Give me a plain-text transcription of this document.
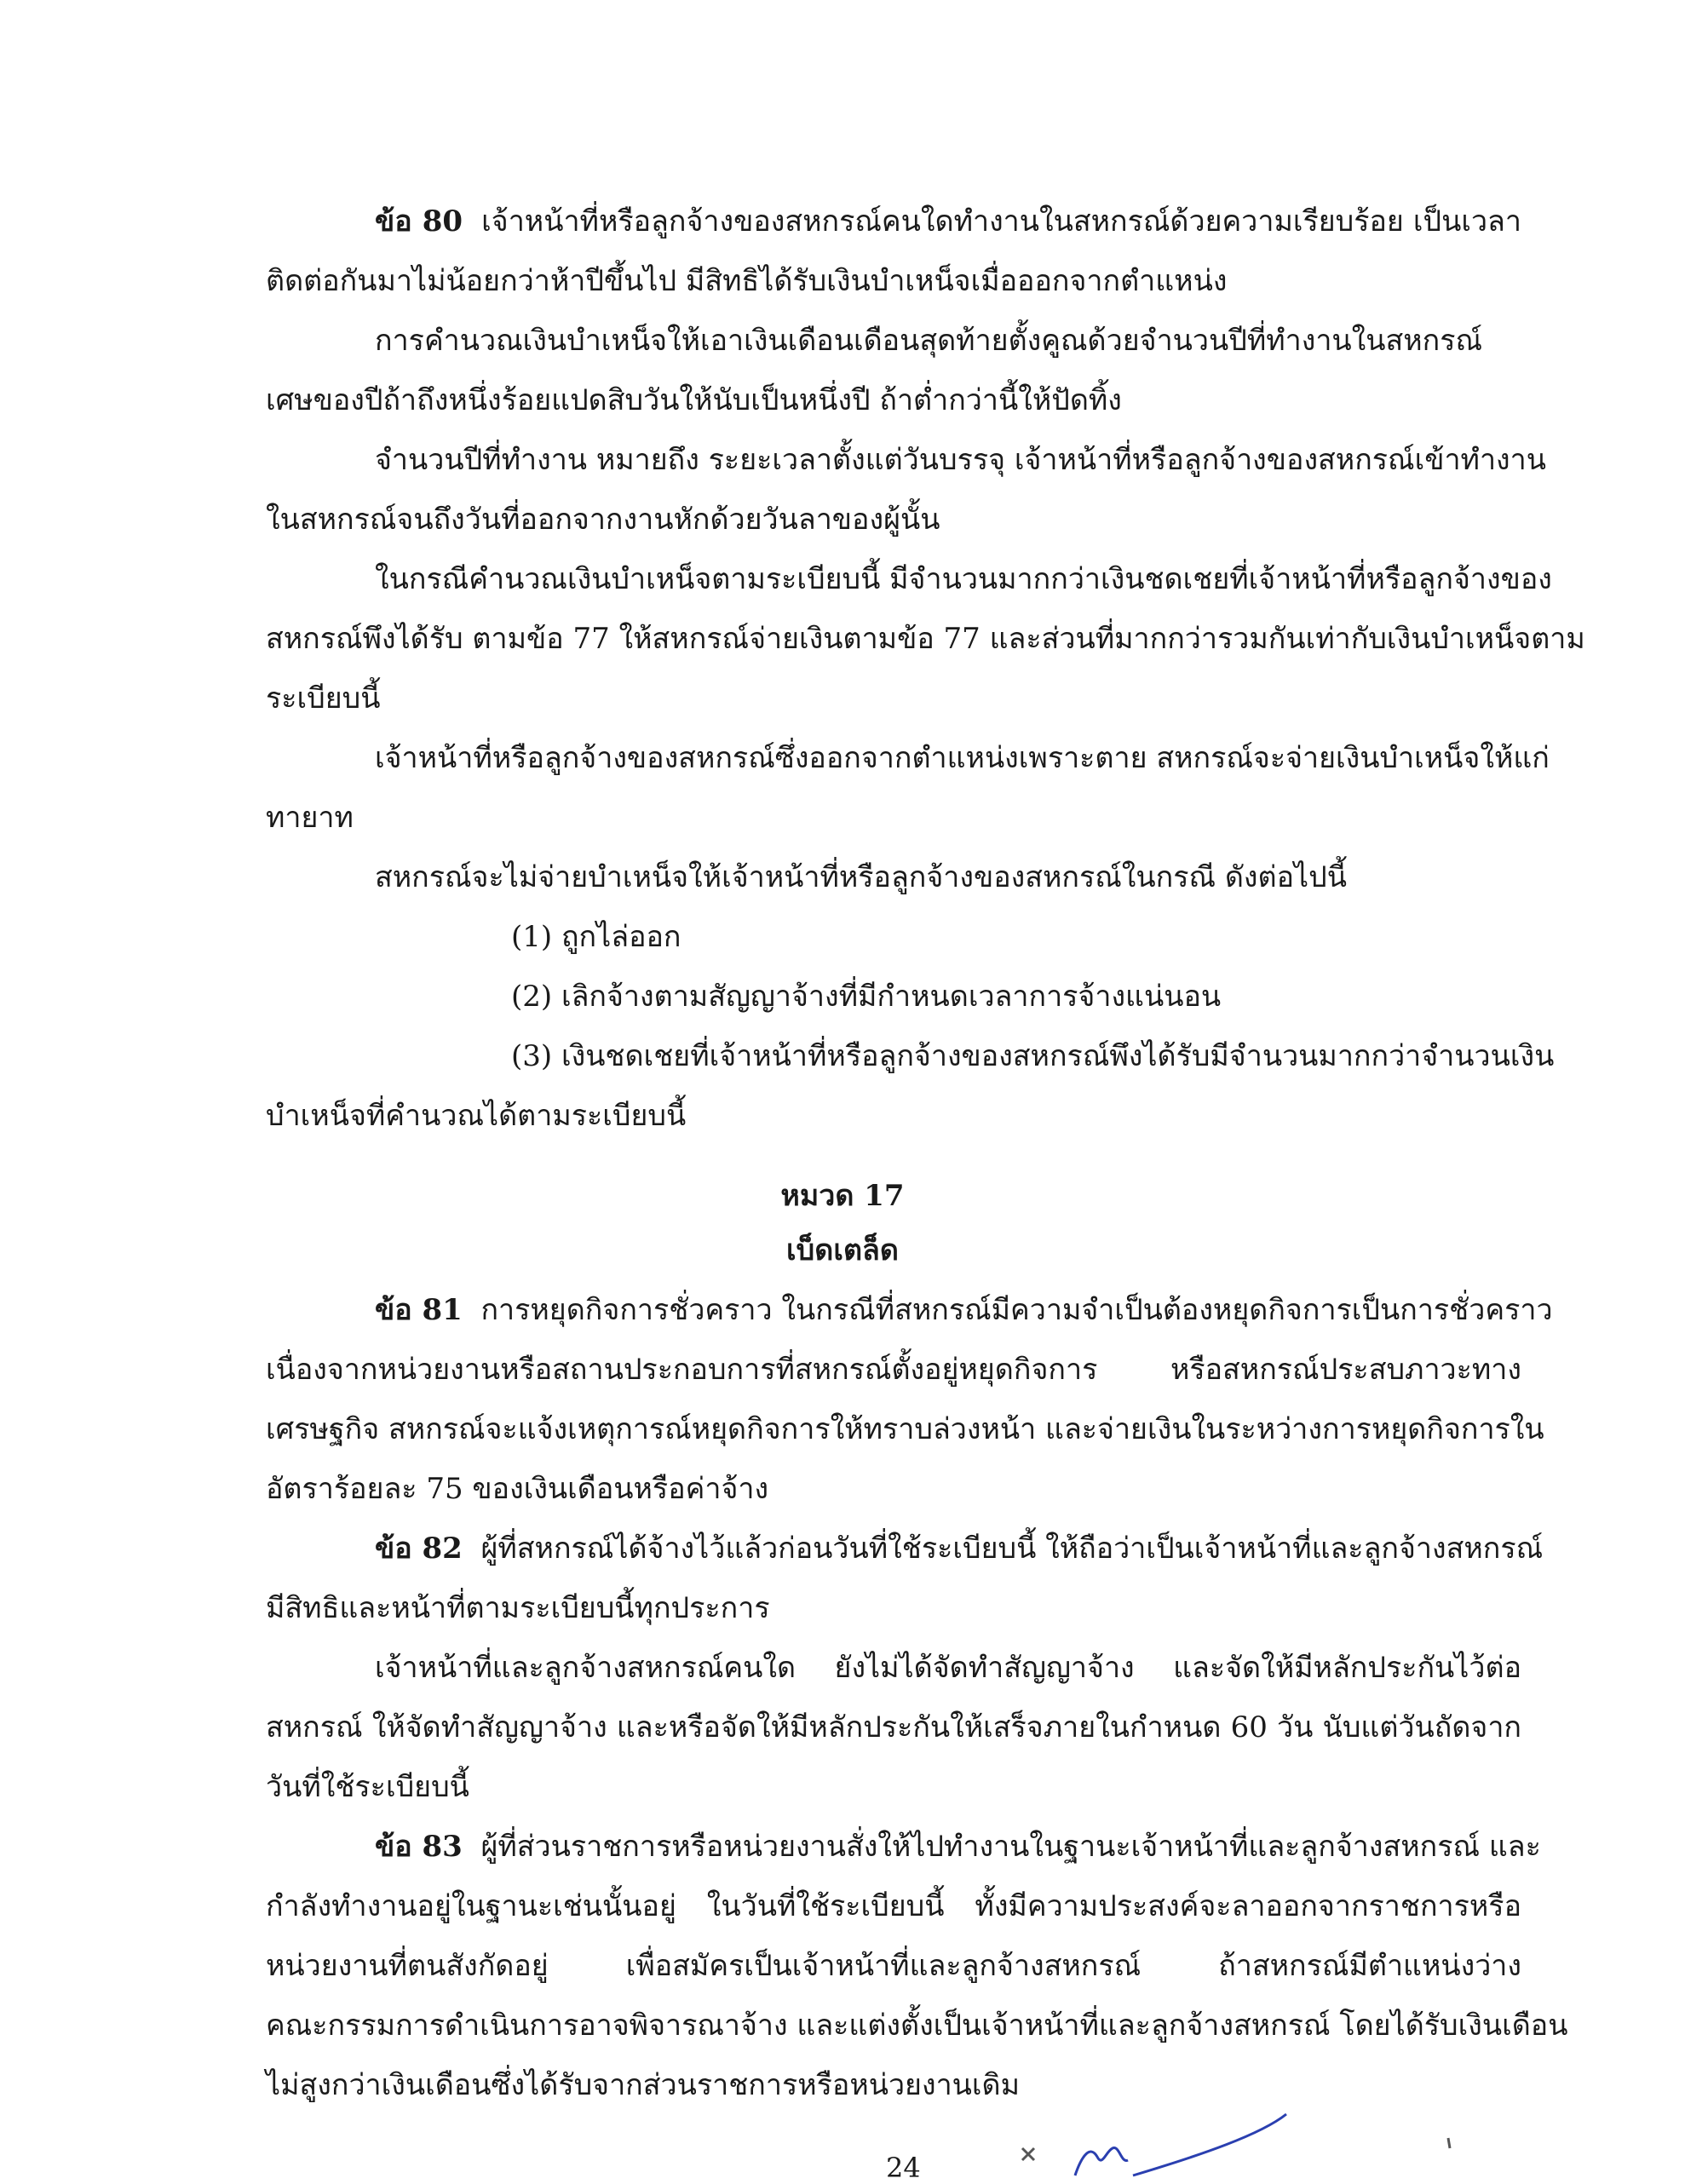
ข้อ 80 เจ้าหน้าที่หรือลูกจ้างของสหกรณ์คนใดทำงานในสหกรณ์ด้วยความเรียบร้อย เป็นเวลา
ติดต่อกันมาไม่น้อยกว่าห้าปีขึ้นไป มีสิทธิได้รับเงินบำเหน็จเมื่อออกจากตำแหน่ง
การคำนวณเงินบำเหน็จให้เอาเงินเดือนเดือนสุดท้ายตั้งคูณด้วยจำนวนปีที่ทำงานในสหกรณ์
เศษของปีถ้าถึงหนึ่งร้อยแปดสิบวันให้นับเป็นหนึ่งปี ถ้าต่ำกว่านี้ให้ปัดทิ้ง
จำนวนปีที่ทำงาน หมายถึง ระยะเวลาตั้งแต่วันบรรจุ เจ้าหน้าที่หรือลูกจ้างของสหกรณ์เข้าทำงาน
ในสหกรณ์จนถึงวันที่ออกจากงานหักด้วยวันลาของผู้นั้น
ในกรณีคำนวณเงินบำเหน็จตามระเบียบนี้ มีจำนวนมากกว่าเงินชดเชยที่เจ้าหน้าที่หรือลูกจ้างของ
สหกรณ์พึงได้รับ ตามข้อ 77 ให้สหกรณ์จ่ายเงินตามข้อ 77 และส่วนที่มากกว่ารวมกันเท่ากับเงินบำเหน็จตาม
ระเบียบนี้
เจ้าหน้าที่หรือลูกจ้างของสหกรณ์ซึ่งออกจากตำแหน่งเพราะตาย สหกรณ์จะจ่ายเงินบำเหน็จให้แก่
ทายาท
สหกรณ์จะไม่จ่ายบำเหน็จให้เจ้าหน้าที่หรือลูกจ้างของสหกรณ์ในกรณี ดังต่อไปนี้
(1) ถูกไล่ออก
(2) เลิกจ้างตามสัญญาจ้างที่มีกำหนดเวลาการจ้างแน่นอน
(3) เงินชดเชยที่เจ้าหน้าที่หรือลูกจ้างของสหกรณ์พึงได้รับมีจำนวนมากกว่าจำนวนเงิน
บำเหน็จที่คำนวณได้ตามระเบียบนี้
หมวด 17
เบ็ดเตล็ด
ข้อ 81 การหยุดกิจการชั่วคราว ในกรณีที่สหกรณ์มีความจำเป็นต้องหยุดกิจการเป็นการชั่วคราว
เนื่องจากหน่วยงานหรือสถานประกอบการที่สหกรณ์ตั้งอยู่หยุดกิจการ หรือสหกรณ์ประสบภาวะทาง
เศรษฐกิจ สหกรณ์จะแจ้งเหตุการณ์หยุดกิจการให้ทราบล่วงหน้า และจ่ายเงินในระหว่างการหยุดกิจการใน
อัตราร้อยละ 75 ของเงินเดือนหรือค่าจ้าง
ข้อ 82 ผู้ที่สหกรณ์ได้จ้างไว้แล้วก่อนวันที่ใช้ระเบียบนี้ ให้ถือว่าเป็นเจ้าหน้าที่และลูกจ้างสหกรณ์
มีสิทธิและหน้าที่ตามระเบียบนี้ทุกประการ
เจ้าหน้าที่และลูกจ้างสหกรณ์คนใด ยังไม่ได้จัดทำสัญญาจ้าง และจัดให้มีหลักประกันไว้ต่อ
สหกรณ์ ให้จัดทำสัญญาจ้าง และหรือจัดให้มีหลักประกันให้เสร็จภายในกำหนด 60 วัน นับแต่วันถัดจาก
วันที่ใช้ระเบียบนี้
ข้อ 83 ผู้ที่ส่วนราชการหรือหน่วยงานสั่งให้ไปทำงานในฐานะเจ้าหน้าที่และลูกจ้างสหกรณ์ และ
กำลังทำงานอยู่ในฐานะเช่นนั้นอยู่ ในวันที่ใช้ระเบียบนี้ ทั้งมีความประสงค์จะลาออกจากราชการหรือ
หน่วยงานที่ตนสังกัดอยู่ เพื่อสมัครเป็นเจ้าหน้าที่และลูกจ้างสหกรณ์ ถ้าสหกรณ์มีตำแหน่งว่าง
คณะกรรมการดำเนินการอาจพิจารณาจ้าง และแต่งตั้งเป็นเจ้าหน้าที่และลูกจ้างสหกรณ์ โดยได้รับเงินเดือน
ไม่สูงกว่าเงินเดือนซึ่งได้รับจากส่วนราชการหรือหน่วยงานเดิม
24
